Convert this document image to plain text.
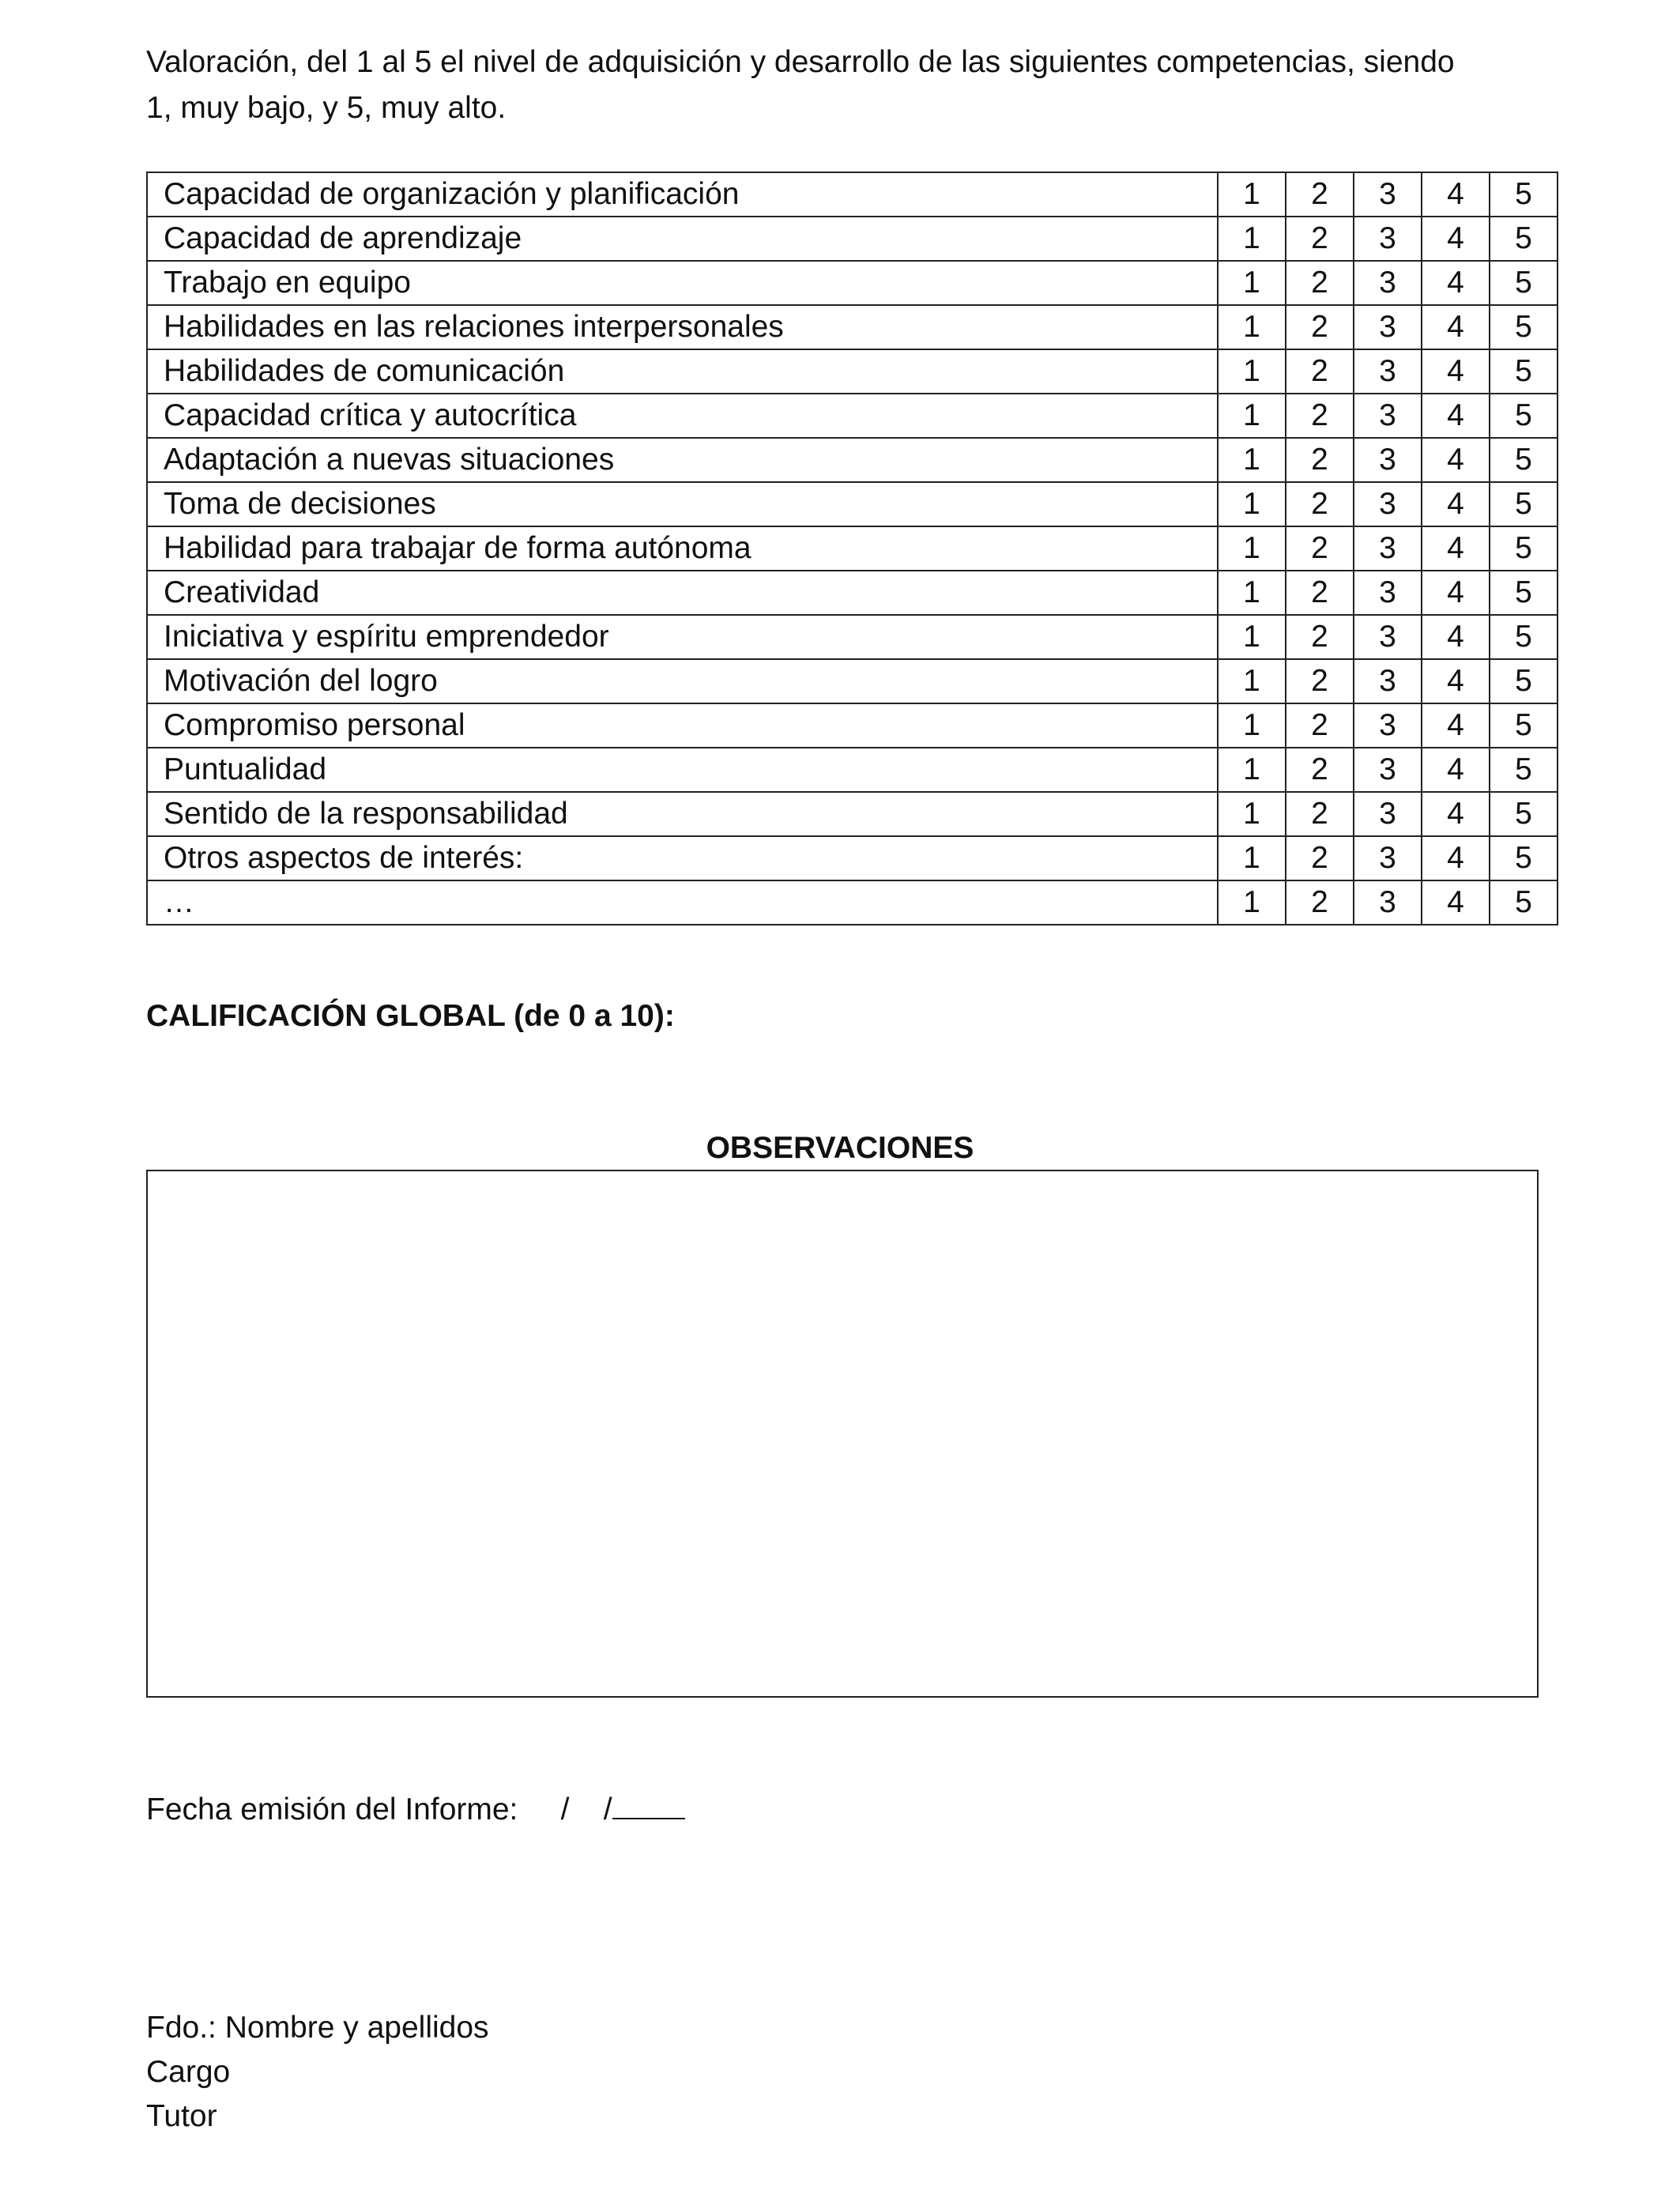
Valoración, del 1 al 5 el nivel de adquisición y desarrollo de las siguientes competencias, siendo
1, muy bajo, y 5, muy alto.

Capacidad de organización y planificación	1	2	3	4	5
Capacidad de aprendizaje	1	2	3	4	5
Trabajo en equipo	1	2	3	4	5
Habilidades en las relaciones interpersonales	1	2	3	4	5
Habilidades de comunicación	1	2	3	4	5
Capacidad crítica y autocrítica	1	2	3	4	5
Adaptación a nuevas situaciones	1	2	3	4	5
Toma de decisiones	1	2	3	4	5
Habilidad para trabajar de forma autónoma	1	2	3	4	5
Creatividad	1	2	3	4	5
Iniciativa y espíritu emprendedor	1	2	3	4	5
Motivación del logro	1	2	3	4	5
Compromiso personal	1	2	3	4	5
Puntualidad	1	2	3	4	5
Sentido de la responsabilidad	1	2	3	4	5
Otros aspectos de interés:	1	2	3	4	5
…	1	2	3	4	5

CALIFICACIÓN GLOBAL (de 0 a 10):

OBSERVACIONES

Fecha emisión del Informe: / /
Fdo.: Nombre y apellidos
Cargo
Tutor
